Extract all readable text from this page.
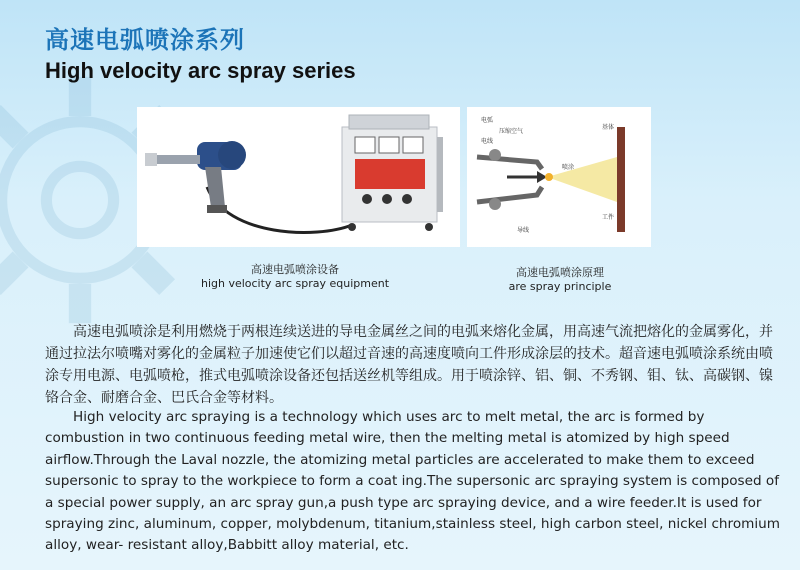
高速电弧喷涂系列
High velocity arc spray series
电弧
压缩空气
电线
基体
喷涂
工件
导线
高速电弧喷涂设备
high velocity arc spray equipment
高速电弧喷涂原理
are spray principle

高速电弧喷涂是利用燃烧于两根连续送进的导电金属丝之间的电弧来熔化金属，用高速气流把熔化的金属雾化，并通过拉法尔喷嘴对雾化的金属粒子加速使它们以超过音速的高速度喷向工件形成涂层的技术。超音速电弧喷涂系统由喷涂专用电源、电弧喷枪，推式电弧喷涂设备还包括送丝机等组成。用于喷涂锌、铝、铜、不秀钢、钼、钛、高碳钢、镍铬合金、耐磨合金、巴氏合金等材料。

High velocity arc spraying is a technology which uses arc to melt metal, the arc is formed by combustion in two continuous feeding metal wire, then the melting metal is atomized by high speed airflow.Through the Laval nozzle, the atomizing metal particles are accelerated to make them to exceed supersonic to spray to the workpiece to form a coat ing.The supersonic arc spraying system is composed of a special power supply, an arc spray gun,a push type arc spraying device, and a wire feeder.It is used for spraying zinc, aluminum, copper, molybdenum, titanium,stainless steel, high carbon steel, nickel chromium alloy, wear- resistant alloy,Babbitt alloy material, etc.
